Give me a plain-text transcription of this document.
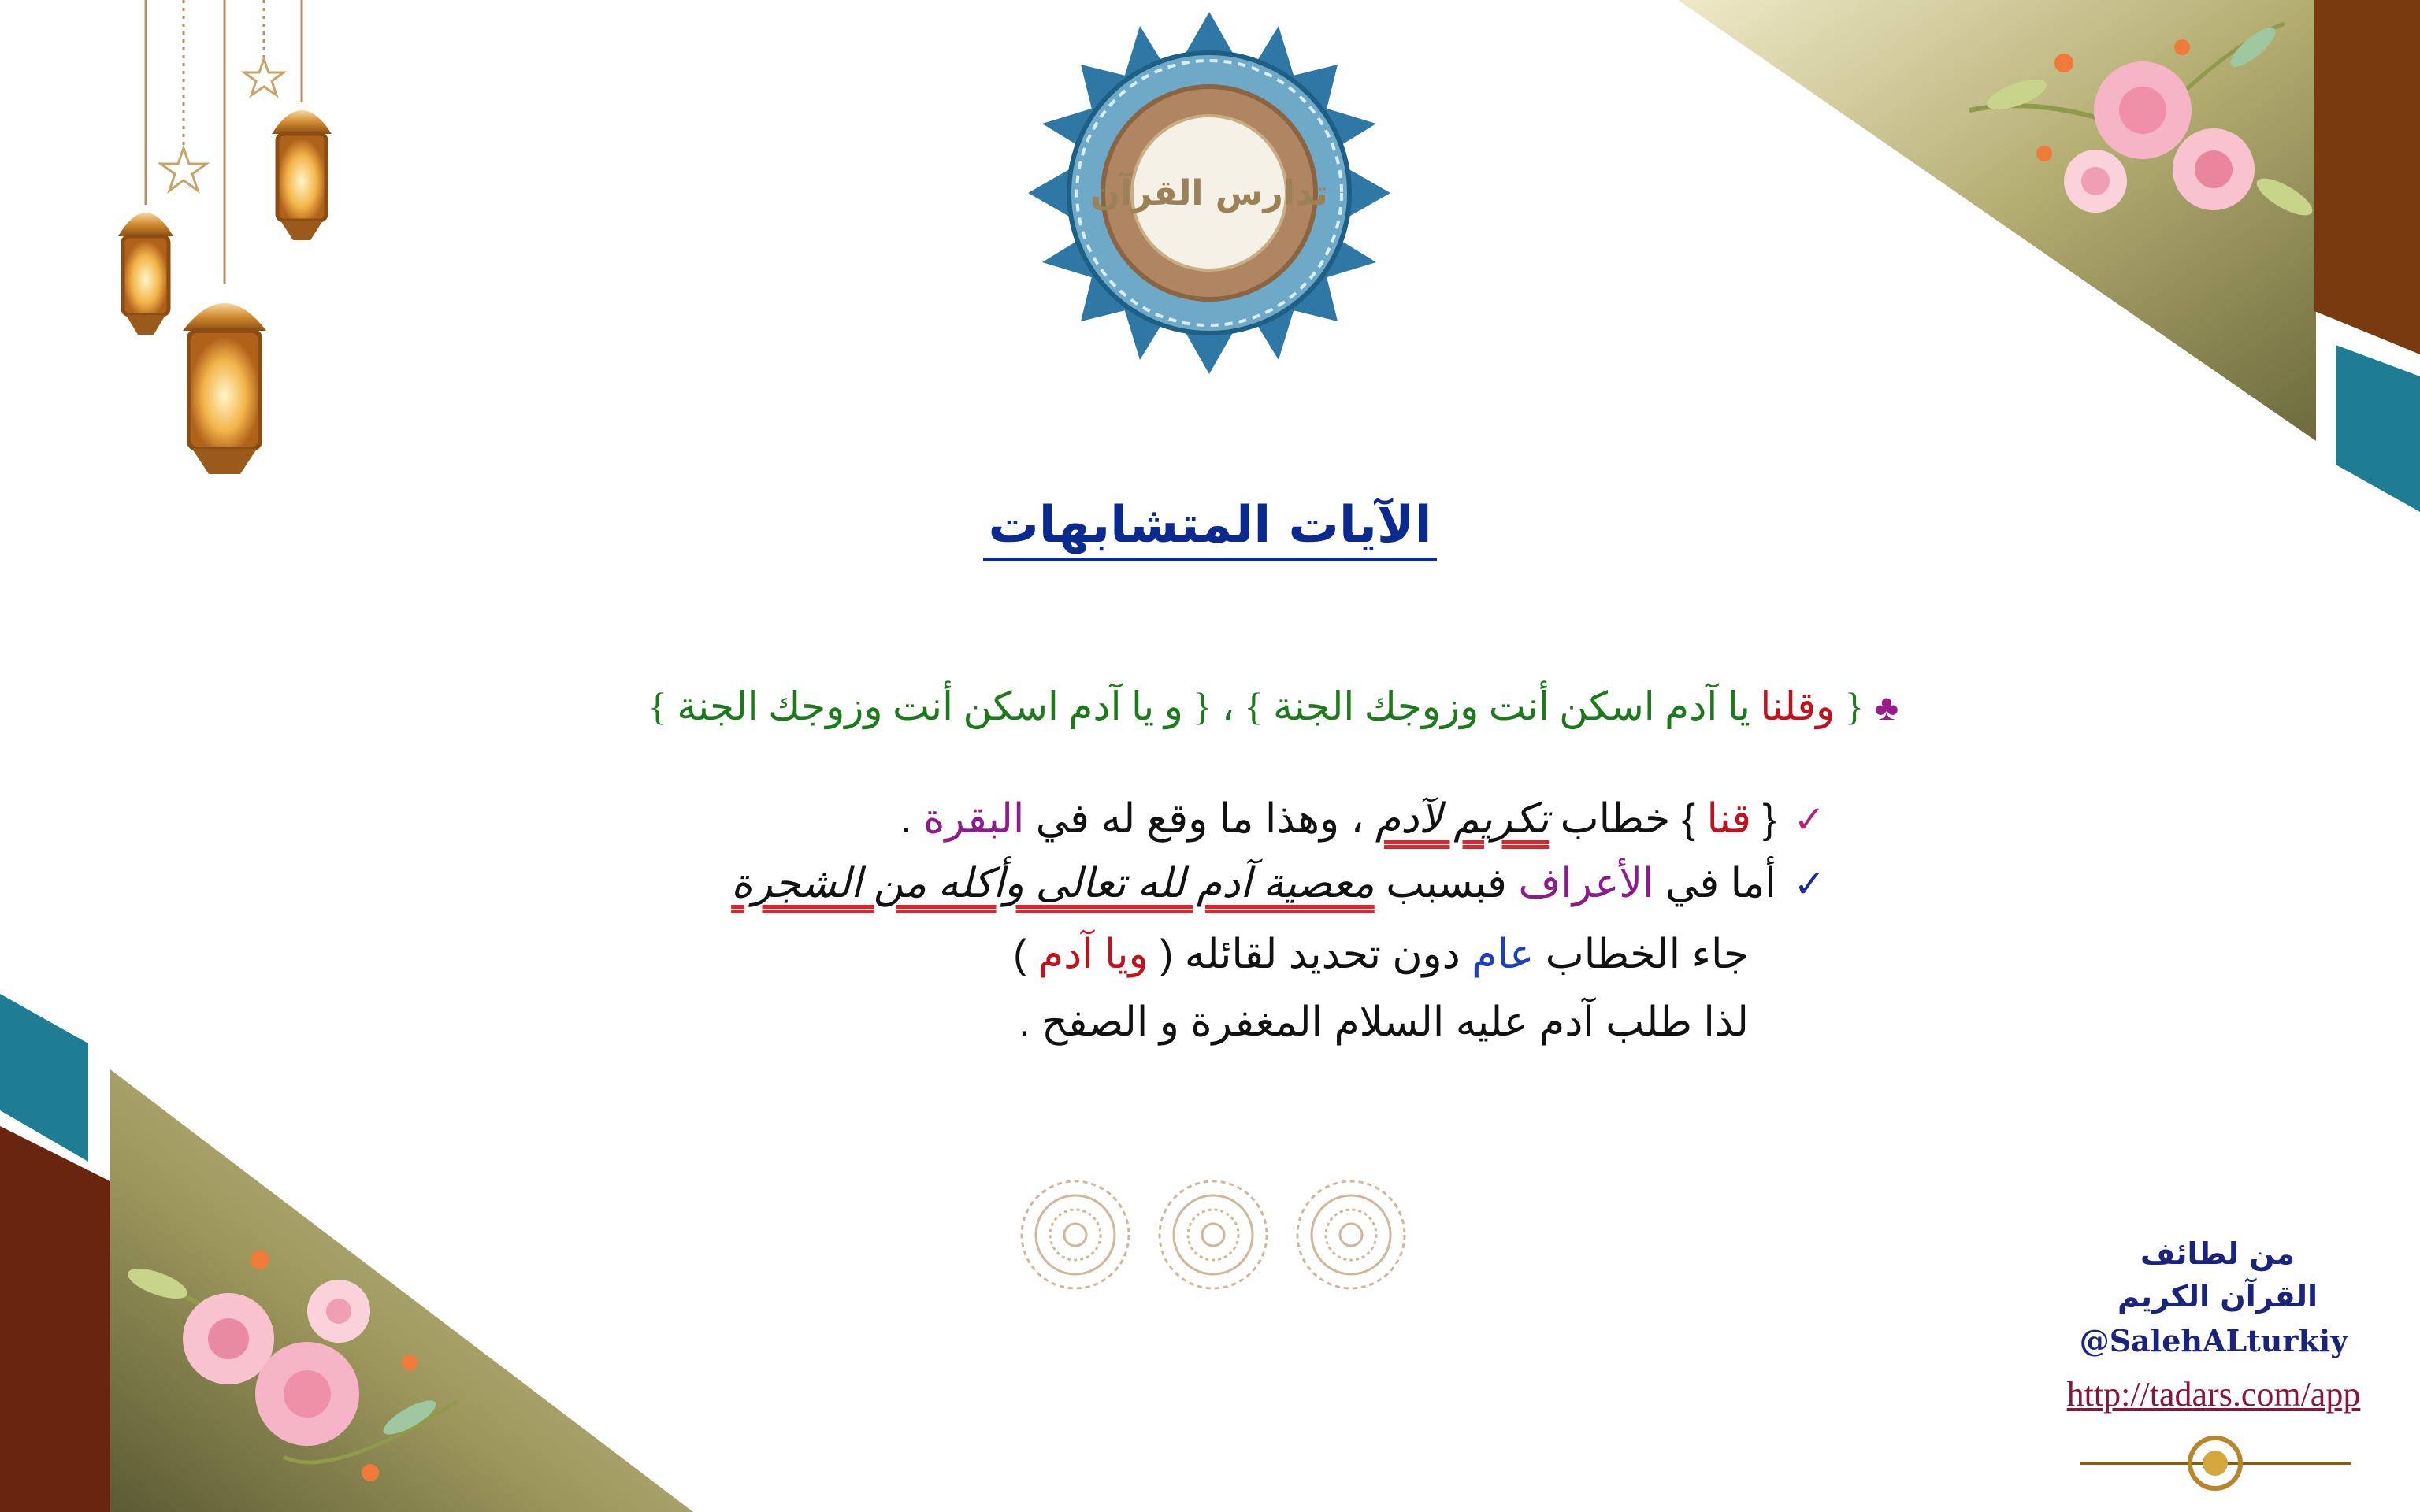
تدارس القرآن
الآيات المتشابهات
♣{ وقلنا يا آدم اسكن أنت وزوجك الجنة } ، { و يا آدم اسكن أنت وزوجك الجنة }
✓{ قنا } خطاب تكريم لآدم ، وهذا ما وقع له في البقرة .
✓أما في الأعراف فبسبب معصية آدم لله تعالى وأكله من الشجرة
جاء الخطاب عام دون تحديد لقائله ( ويا آدم )
لذا طلب آدم عليه السلام المغفرة و الصفح .
من لطائف
القرآن الكريم
@SalehALturkiy
http://tadars.com/app
